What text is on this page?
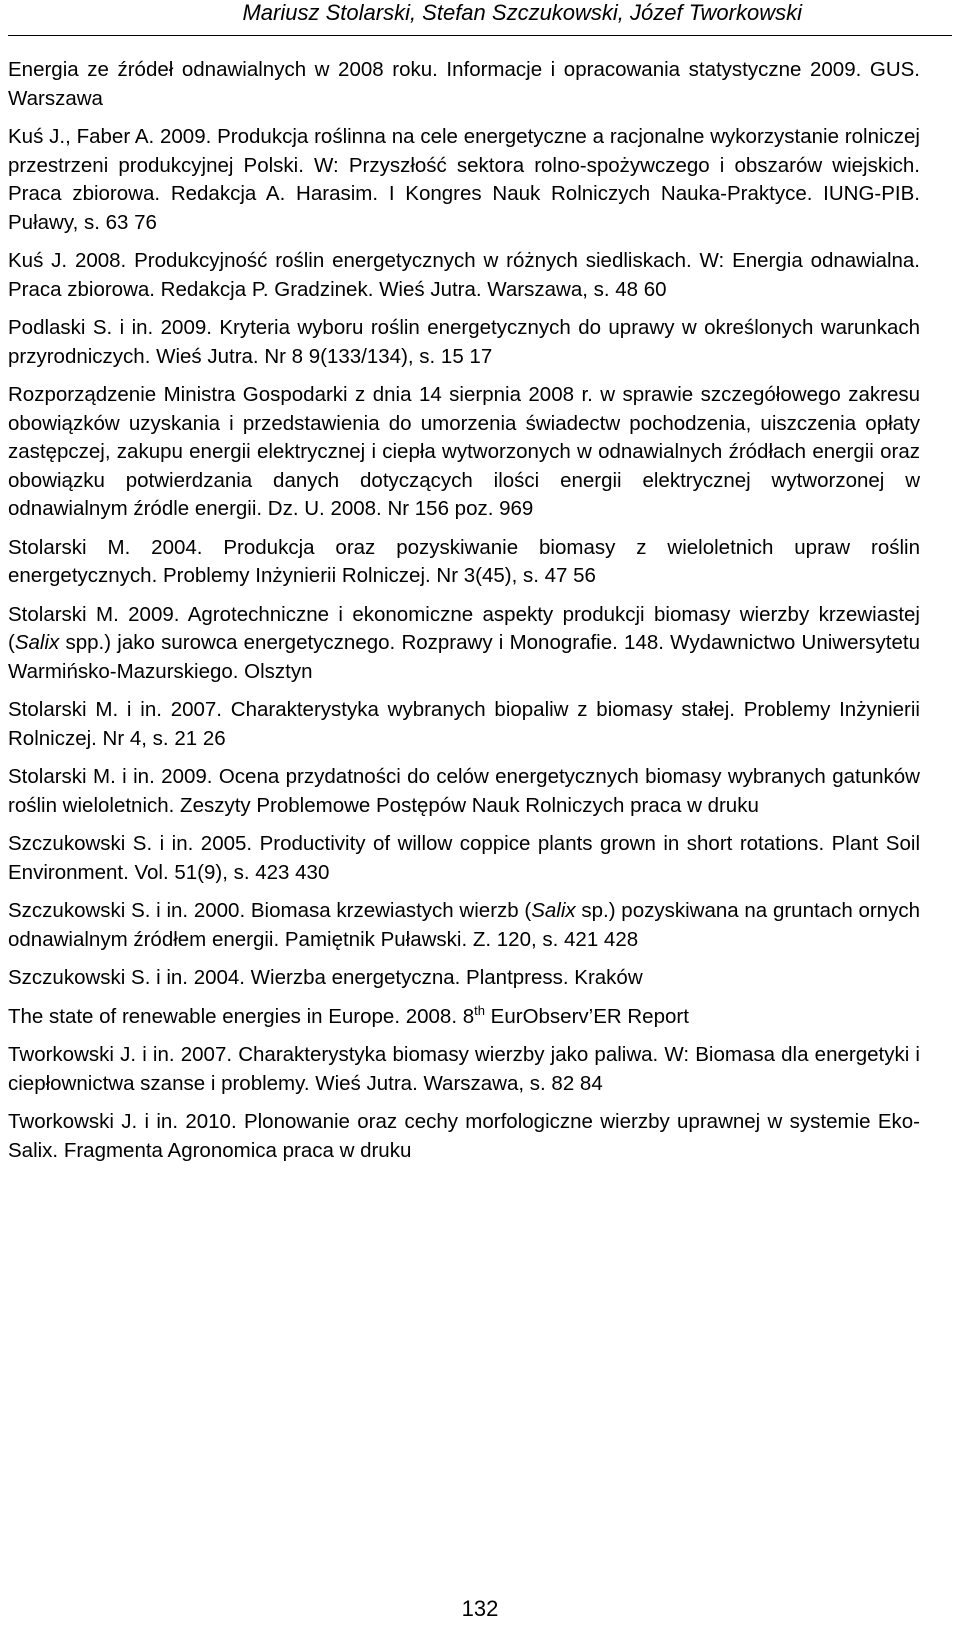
Mariusz Stolarski, Stefan Szczukowski, Józef Tworkowski
Energia ze źródeł odnawialnych w 2008 roku. Informacje i opracowania statystyczne 2009. GUS. Warszawa
Kuś J., Faber A. 2009. Produkcja roślinna na cele energetyczne a racjonalne wykorzystanie rolniczej przestrzeni produkcyjnej Polski. W: Przyszłość sektora rolno-spożywczego i obszarów wiejskich. Praca zbiorowa. Redakcja A. Harasim. I Kongres Nauk Rolniczych Nauka-Praktyce. IUNG-PIB. Puławy, s. 63 76
Kuś J. 2008. Produkcyjność roślin energetycznych w różnych siedliskach. W: Energia odnawialna. Praca zbiorowa. Redakcja P. Gradzinek. Wieś Jutra. Warszawa, s. 48 60
Podlaski S. i in. 2009. Kryteria wyboru roślin energetycznych do uprawy w określonych warunkach przyrodniczych. Wieś Jutra. Nr 8 9(133/134), s. 15 17
Rozporządzenie Ministra Gospodarki z dnia 14 sierpnia 2008 r. w sprawie szczegółowego zakresu obowiązków uzyskania i przedstawienia do umorzenia świadectw pochodzenia, uiszczenia opłaty zastępczej, zakupu energii elektrycznej i ciepła wytworzonych w odnawialnych źródłach energii oraz obowiązku potwierdzania danych dotyczących ilości energii elektrycznej wytworzonej w odnawialnym źródle energii. Dz. U. 2008. Nr 156 poz. 969
Stolarski M. 2004. Produkcja oraz pozyskiwanie biomasy z wieloletnich upraw roślin energetycznych. Problemy Inżynierii Rolniczej. Nr 3(45), s. 47 56
Stolarski M. 2009. Agrotechniczne i ekonomiczne aspekty produkcji biomasy wierzby krzewiastej (Salix spp.) jako surowca energetycznego. Rozprawy i Monografie. 148. Wydawnictwo Uniwersytetu Warmińsko-Mazurskiego. Olsztyn
Stolarski M. i in. 2007. Charakterystyka wybranych biopaliw z biomasy stałej. Problemy Inżynierii Rolniczej. Nr 4, s. 21 26
Stolarski M. i in. 2009. Ocena przydatności do celów energetycznych biomasy wybranych gatunków roślin wieloletnich. Zeszyty Problemowe Postępów Nauk Rolniczych praca w druku
Szczukowski S. i in. 2005. Productivity of willow coppice plants grown in short rotations. Plant Soil Environment. Vol. 51(9), s. 423 430
Szczukowski S. i in. 2000. Biomasa krzewiastych wierzb (Salix sp.) pozyskiwana na gruntach ornych odnawialnym źródłem energii. Pamiętnik Puławski. Z. 120, s. 421 428
Szczukowski S. i in. 2004. Wierzba energetyczna. Plantpress. Kraków
The state of renewable energies in Europe. 2008. 8th EurObserv’ER Report
Tworkowski J. i in. 2007. Charakterystyka biomasy wierzby jako paliwa. W: Biomasa dla energetyki i ciepłownictwa szanse i problemy. Wieś Jutra. Warszawa, s. 82 84
Tworkowski J. i in. 2010. Plonowanie oraz cechy morfologiczne wierzby uprawnej w systemie Eko-Salix. Fragmenta Agronomica praca w druku
132
